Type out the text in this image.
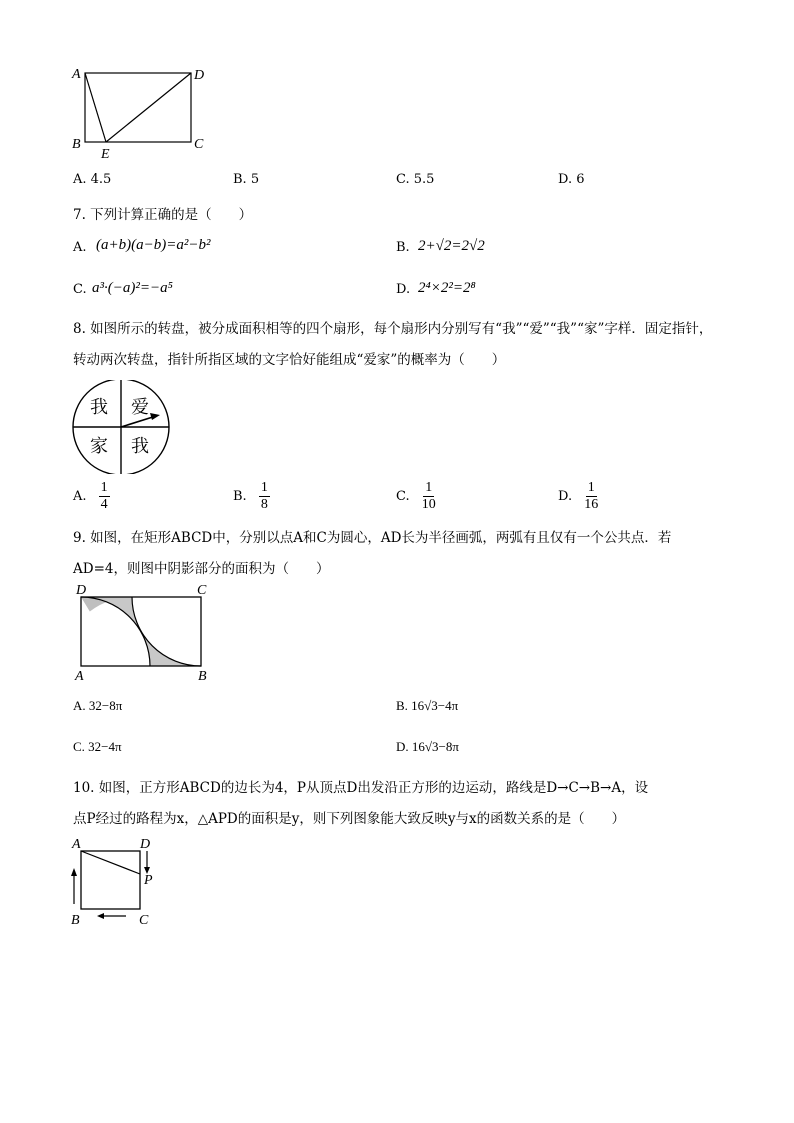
A	D
B	C
E
A. 4.5	B. 5	C. 5.5	D. 6
7. 下列计算正确的是（　　）
A. (a+b)(a−b)=a²−b²	B. 2+√2=2√2
C. a³·(−a)²=−a⁵	D. 2⁴×2²=2⁸
8. 如图所示的转盘，被分成面积相等的四个扇形，每个扇形内分别写有“我”“爱”“我”“家”字样．固定指针，
转动两次转盘，指针所指区域的文字恰好能组成“爱家”的概率为（　　）
我 爱
家 我
A. $\frac{1}{4}$	B. $\frac{1}{8}$	C. $\frac{1}{10}$	D. $\frac{1}{16}$
9. 如图，在矩形ABCD中，分别以点A和C为圆心，AD长为半径画弧，两弧有且仅有一个公共点．若
AD=4，则图中阴影部分的面积为（　　）
D	C
A	B
A. 32−8π	B. 16√3−4π
C. 32−4π	D. 16√3−8π
10. 如图，正方形ABCD的边长为4，P从顶点D出发沿正方形的边运动，路线是D→C→B→A，设
点P经过的路程为x，△APD的面积是y，则下列图象能大致反映y与x的函数关系的是（　　）
A	D
P
B	C
